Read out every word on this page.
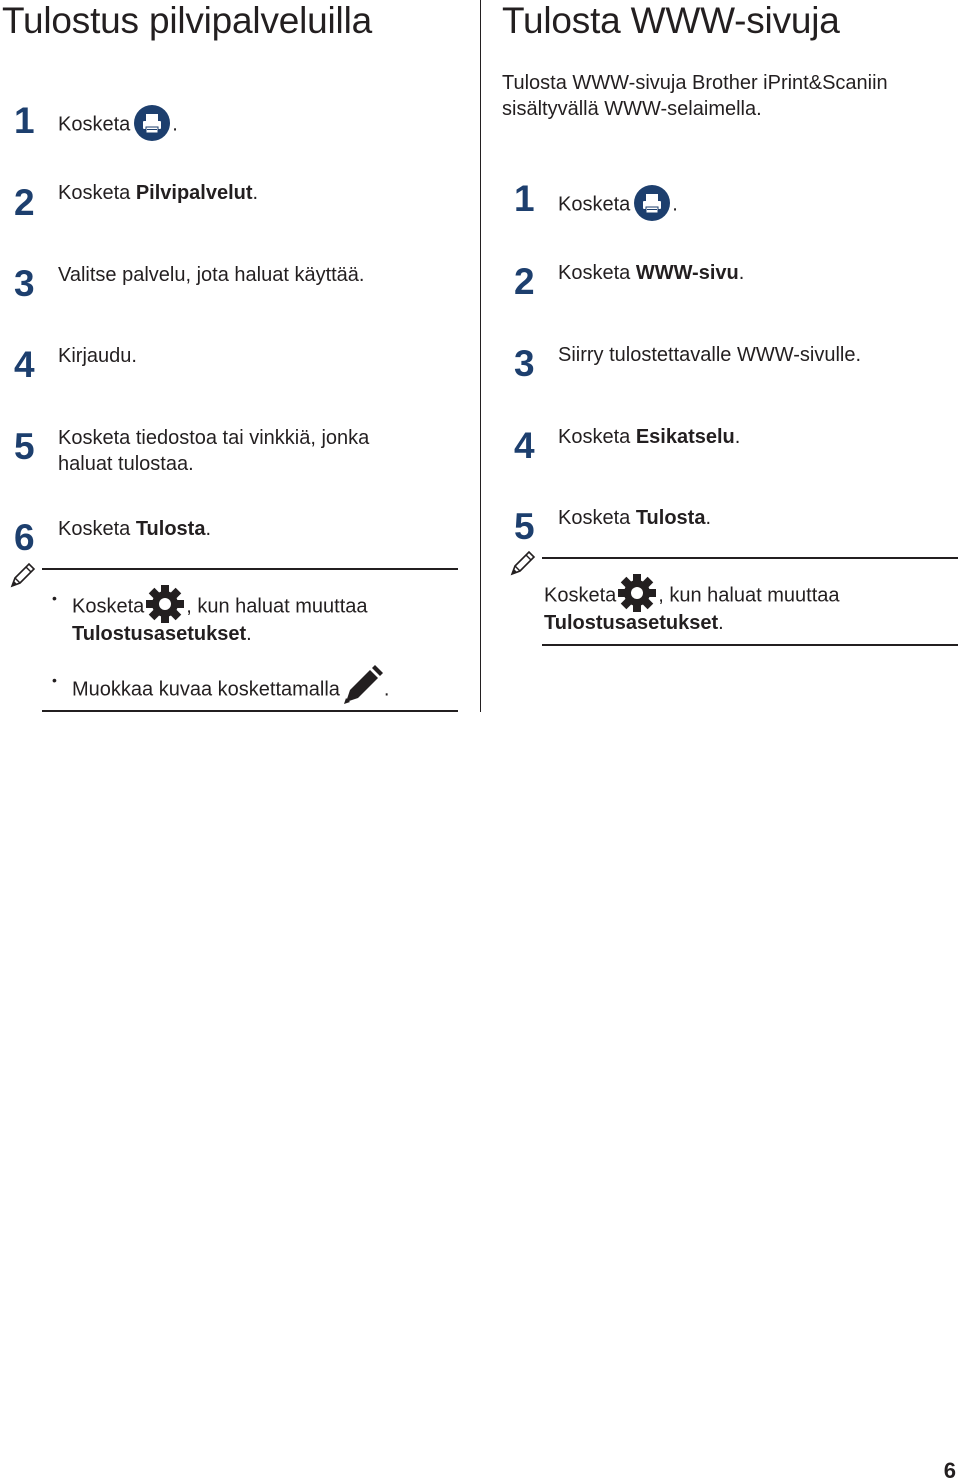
Tulostus pilvipalveluilla
1 Kosketa .
2 Kosketa Pilvipalvelut.
3 Valitse palvelu, jota haluat käyttää.
4 Kirjaudu.
5 Kosketa tiedostoa tai vinkkiä, jonka
haluat tulostaa.
6 Kosketa Tulosta.
• Kosketa , kun haluat muuttaa
Tulostusasetukset.
• Muokkaa kuvaa koskettamalla .
Tulosta WWW-sivuja
Tulosta WWW-sivuja Brother iPrint&Scaniin
sisältyvällä WWW-selaimella.
1 Kosketa .
2 Kosketa WWW-sivu.
3 Siirry tulostettavalle WWW-sivulle.
4 Kosketa Esikatselu.
5 Kosketa Tulosta.
Kosketa , kun haluat muuttaa
Tulostusasetukset.
6
